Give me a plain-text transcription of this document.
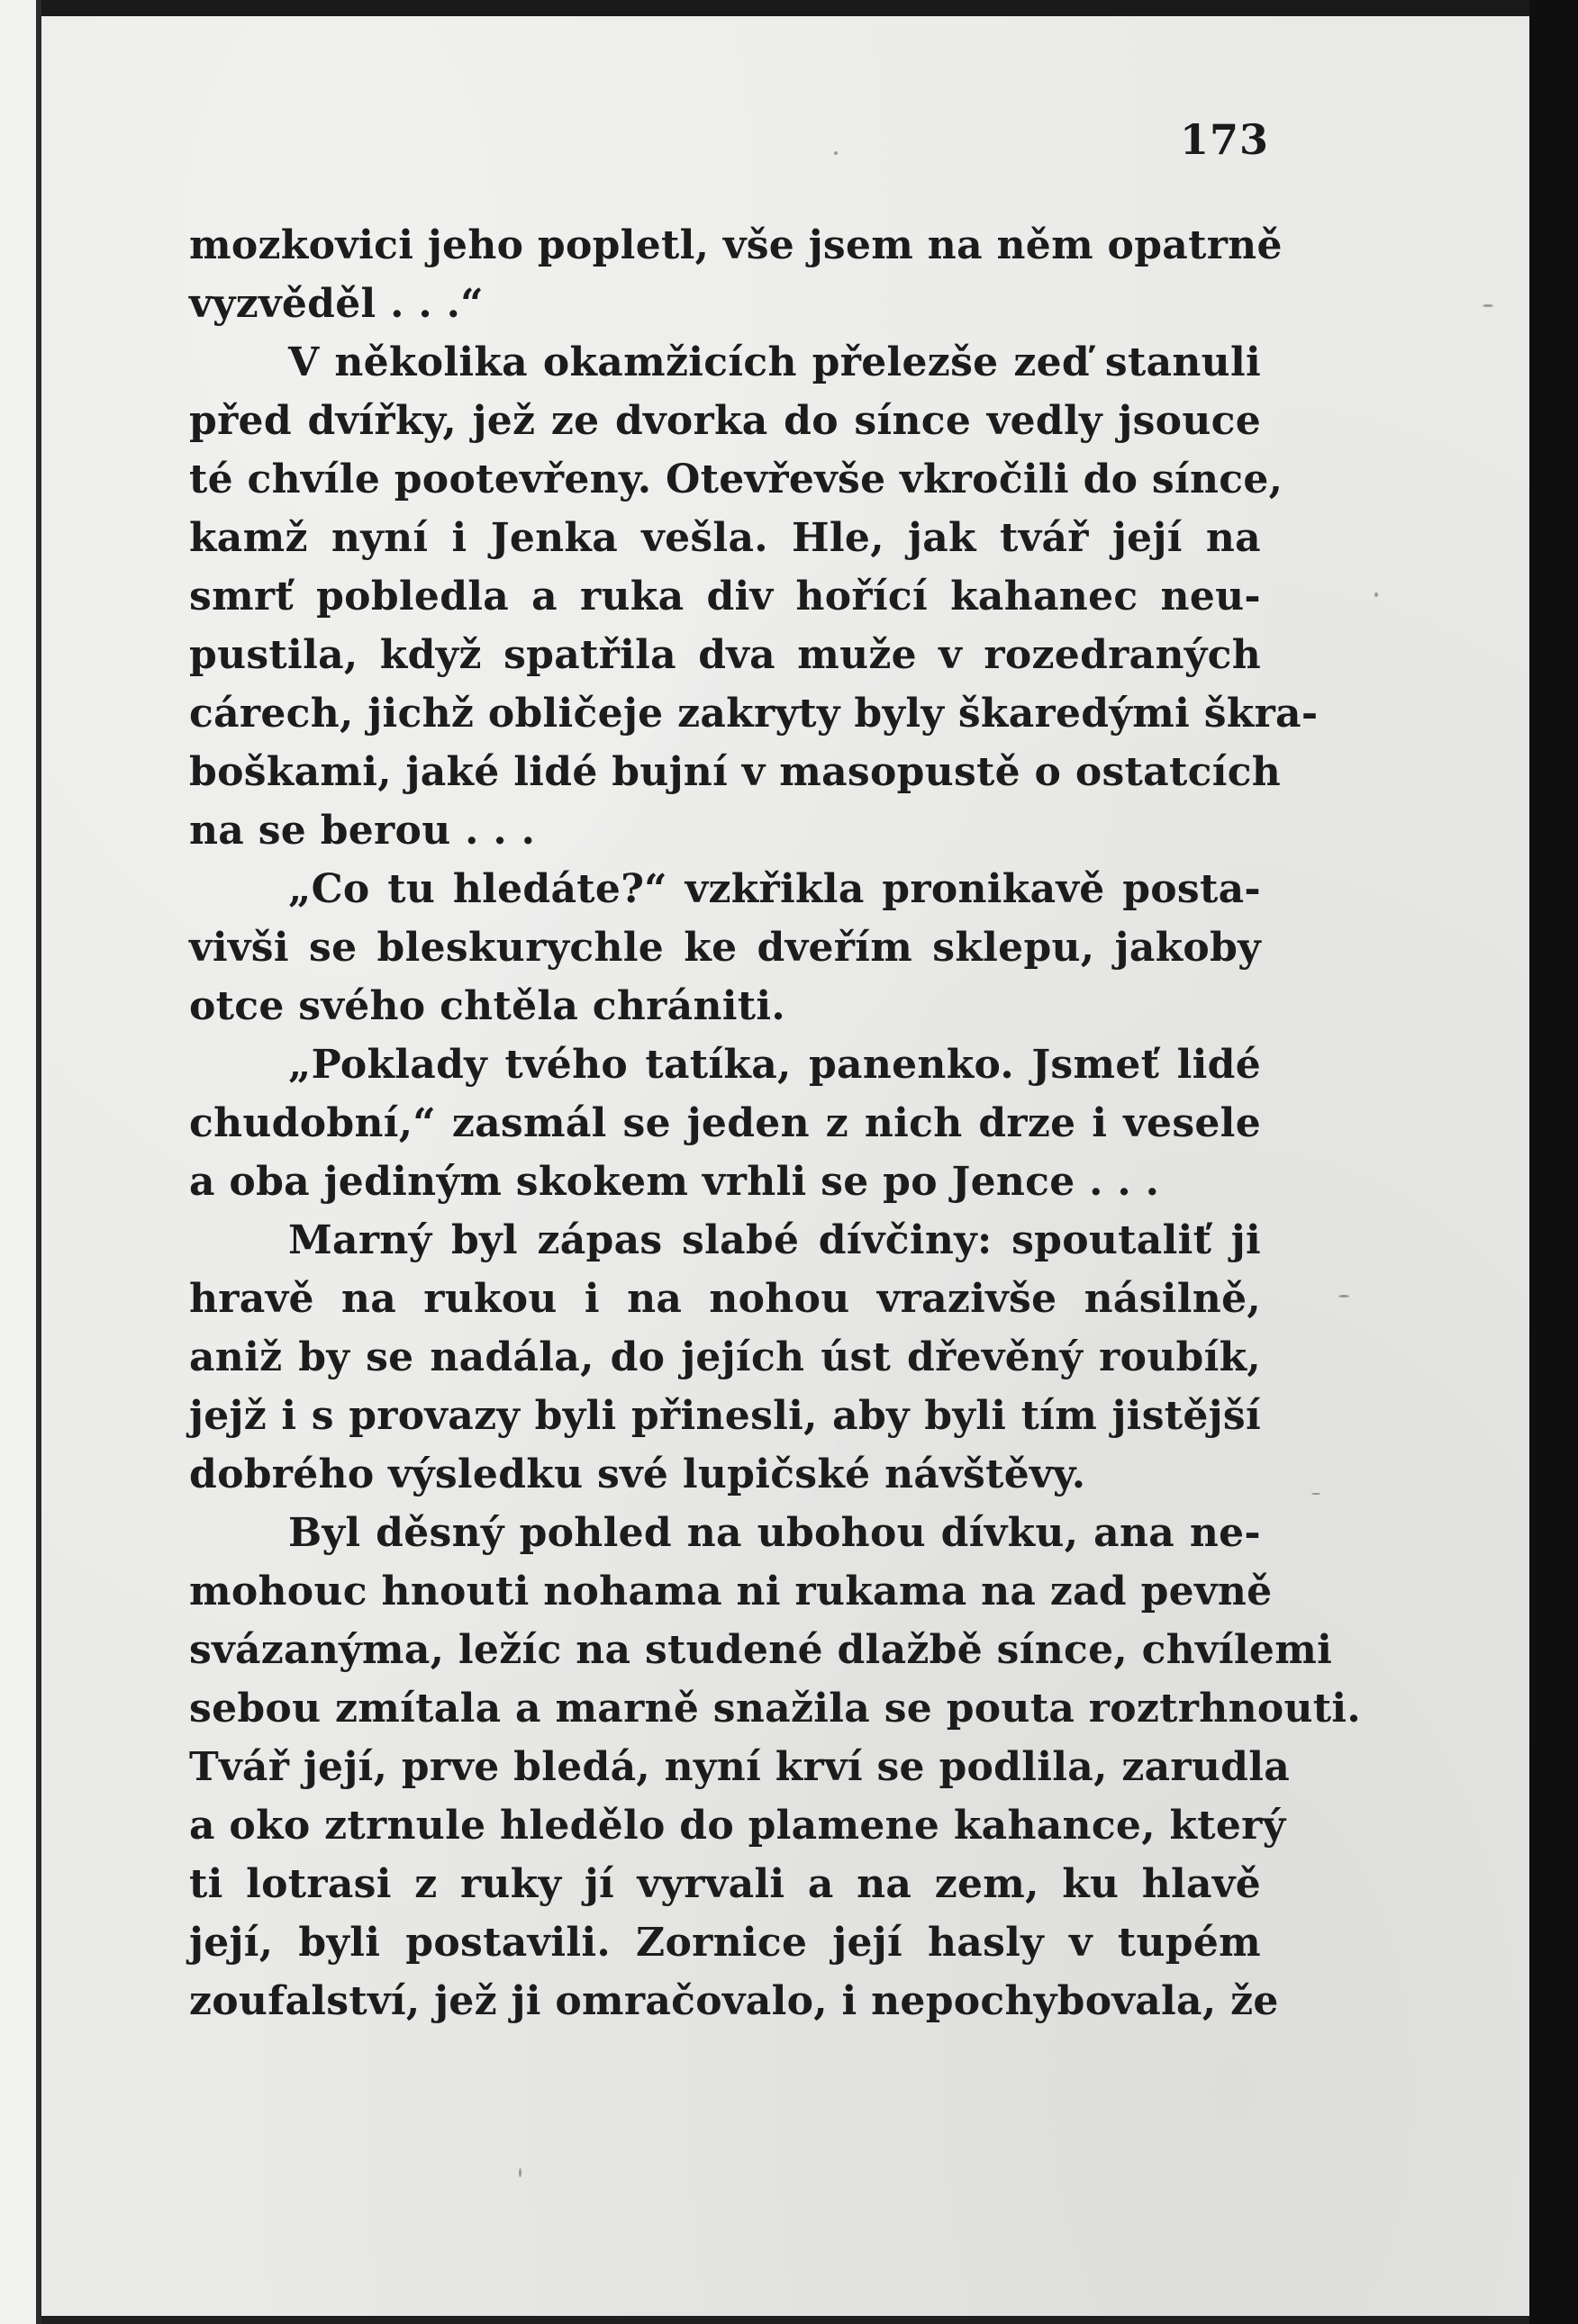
173
mozkovici jeho popletl, vše jsem na něm opatrně
vyzvěděl . . .“
V několika okamžicích přelezše zeď stanuli
před dvířky, jež ze dvorka do síncе vedly jsouce
té chvíle pootevřeny. Otevřevše vkročili do síncе,
kamž nyní i Jenka vešla. Hle, jak tvář její na
smrť pobledla a ruka div hořící kahanec neu-
pustila, když spatřila dva muže v rozedraných
cárech, jichž obličeje zakryty byly škaredými škra-
boškami, jaké lidé bujní v masopustě o ostatcích
na se berou . . .
„Co tu hledáte?“ vzkřikla pronikavě posta-
vivši se bleskurychle ke dveřím sklepu, jakoby
otce svého chtěla chrániti.
„Poklady tvého tatíka, panenko. Jsmeť lidé
chudobní,“ zasmál se jeden z nich drze i vesele
a oba jediným skokem vrhli se po Jence . . .
Marný byl zápas slabé dívčiny: spoutaliť ji
hravě na rukou i na nohou vrazivše násilně,
aniž by se nadála, do jejích úst dřevěný roubík,
jejž i s provazy byli přinesli, aby byli tím jistější
dobrého výsledku své lupičské návštěvy.
Byl děsný pohled na ubohou dívku, ana ne-
mohouc hnouti nohama ni rukama na zad pevně
svázanýma, ležíc na studené dlažbě síncе, chvílemi
sebou zmítala a marně snažila se pouta roztrhnouti.
Tvář její, prve bledá, nyní krví se podlila, zarudla
a oko ztrnule hledělo do plamene kahance, který
ti lotrasi z ruky jí vyrvali a na zem, ku hlavě
její, byli postavili. Zornice její hasly v tupém
zoufalství, jež ji omračovalo, i nepochybovala, že
